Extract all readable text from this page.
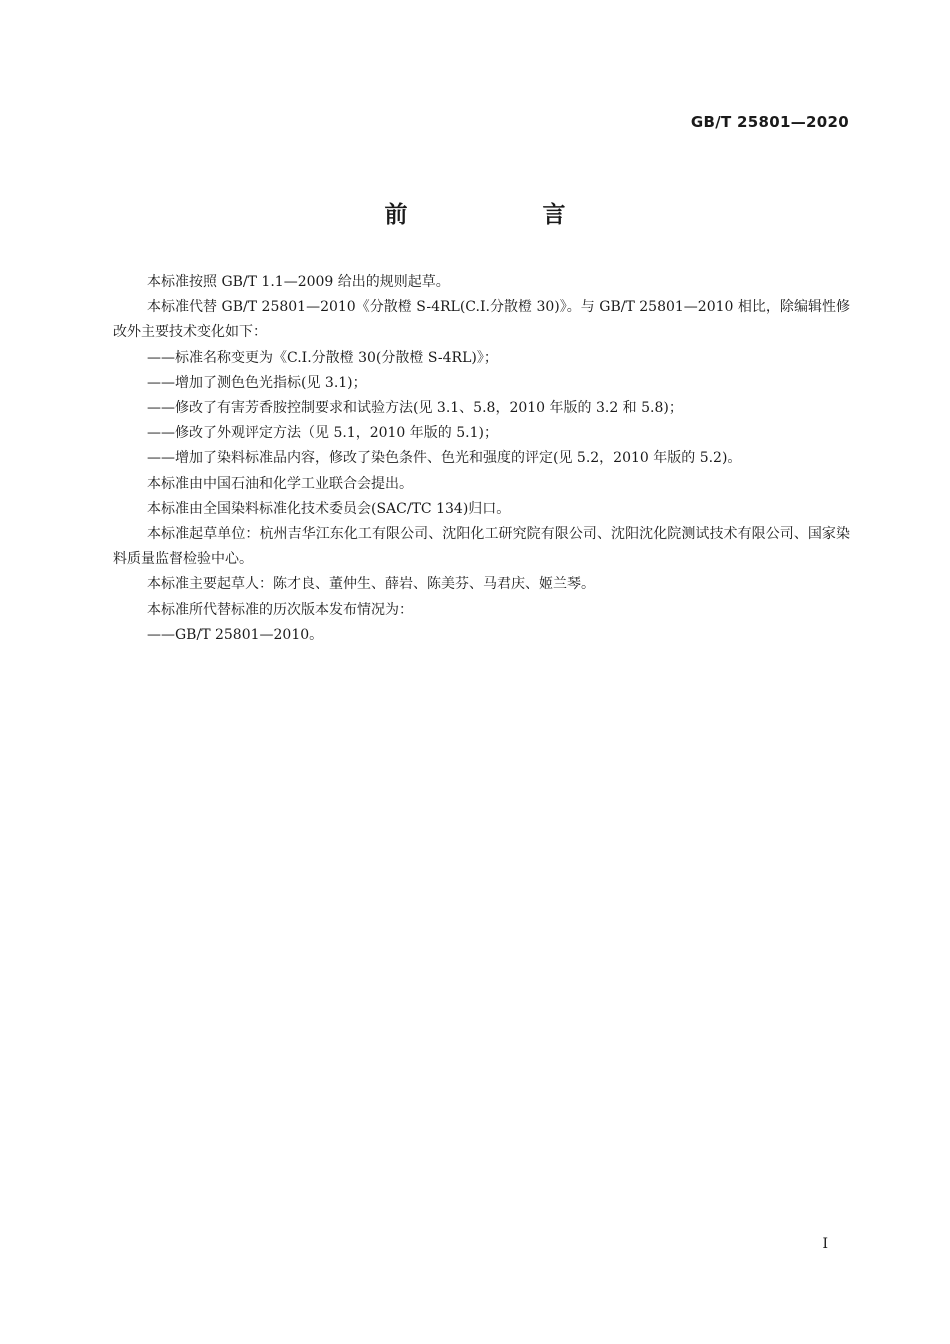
GB/T 25801—2020
前　言

本标准按照 GB/T 1.1—2009 给出的规则起草。

本标准代替 GB/T 25801—2010《分散橙 S-4RL(C.I.分散橙 30)》。与 GB/T 25801—2010 相比，除编辑性修改外主要技术变化如下：

——标准名称变更为《C.I.分散橙 30(分散橙 S-4RL)》；

——增加了测色色光指标(见 3.1)；

——修改了有害芳香胺控制要求和试验方法(见 3.1、5.8，2010 年版的 3.2 和 5.8)；

——修改了外观评定方法（见 5.1，2010 年版的 5.1)；

——增加了染料标准品内容，修改了染色条件、色光和强度的评定(见 5.2，2010 年版的 5.2)。

本标准由中国石油和化学工业联合会提出。

本标准由全国染料标准化技术委员会(SAC/TC 134)归口。

本标准起草单位：杭州吉华江东化工有限公司、沈阳化工研究院有限公司、沈阳沈化院测试技术有限公司、国家染料质量监督检验中心。

本标准主要起草人：陈才良、董仲生、薛岩、陈美芬、马君庆、姬兰琴。

本标准所代替标准的历次版本发布情况为：

——GB/T 25801—2010。

I
